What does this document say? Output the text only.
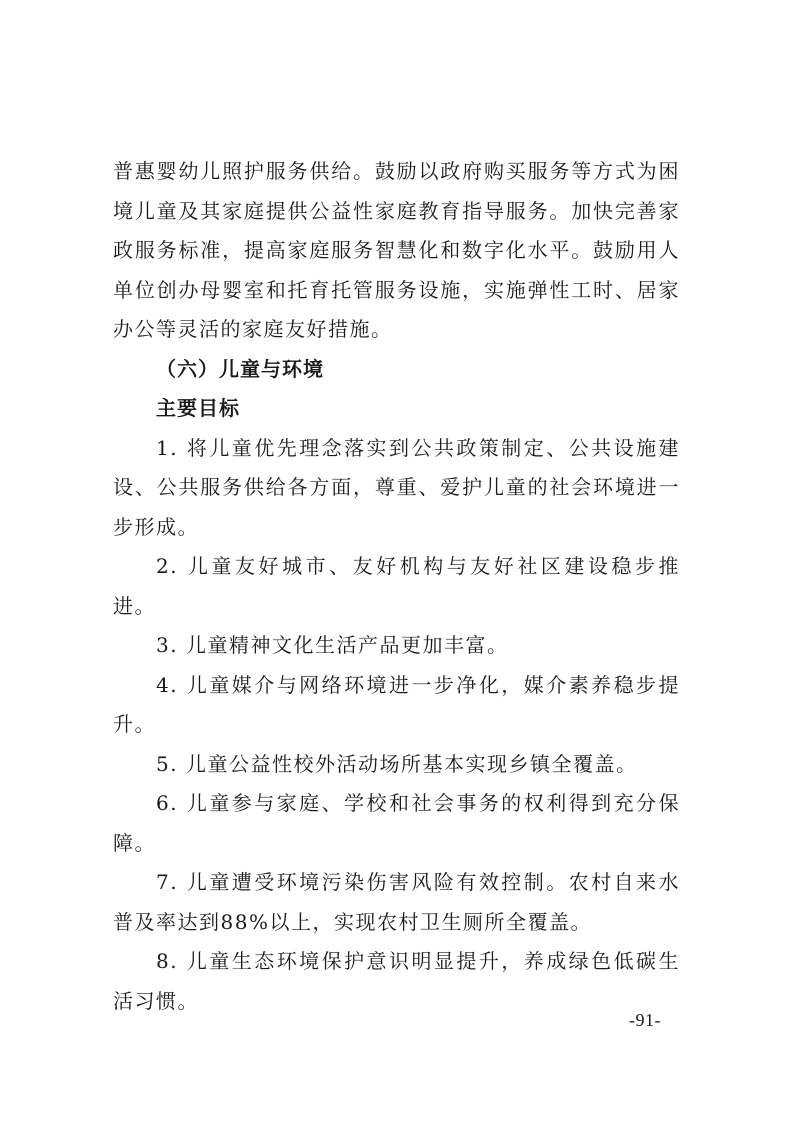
普惠婴幼儿照护服务供给。鼓励以政府购买服务等方式为困境儿童及其家庭提供公益性家庭教育指导服务。加快完善家政服务标准，提高家庭服务智慧化和数字化水平。鼓励用人单位创办母婴室和托育托管服务设施，实施弹性工时、居家办公等灵活的家庭友好措施。

（六）儿童与环境

主要目标

1. 将儿童优先理念落实到公共政策制定、公共设施建设、公共服务供给各方面，尊重、爱护儿童的社会环境进一步形成。

2. 儿童友好城市、友好机构与友好社区建设稳步推进。

3. 儿童精神文化生活产品更加丰富。

4. 儿童媒介与网络环境进一步净化，媒介素养稳步提升。

5. 儿童公益性校外活动场所基本实现乡镇全覆盖。

6. 儿童参与家庭、学校和社会事务的权利得到充分保障。

7. 儿童遭受环境污染伤害风险有效控制。农村自来水普及率达到88%以上，实现农村卫生厕所全覆盖。

8. 儿童生态环境保护意识明显提升，养成绿色低碳生活习惯。

-91-
